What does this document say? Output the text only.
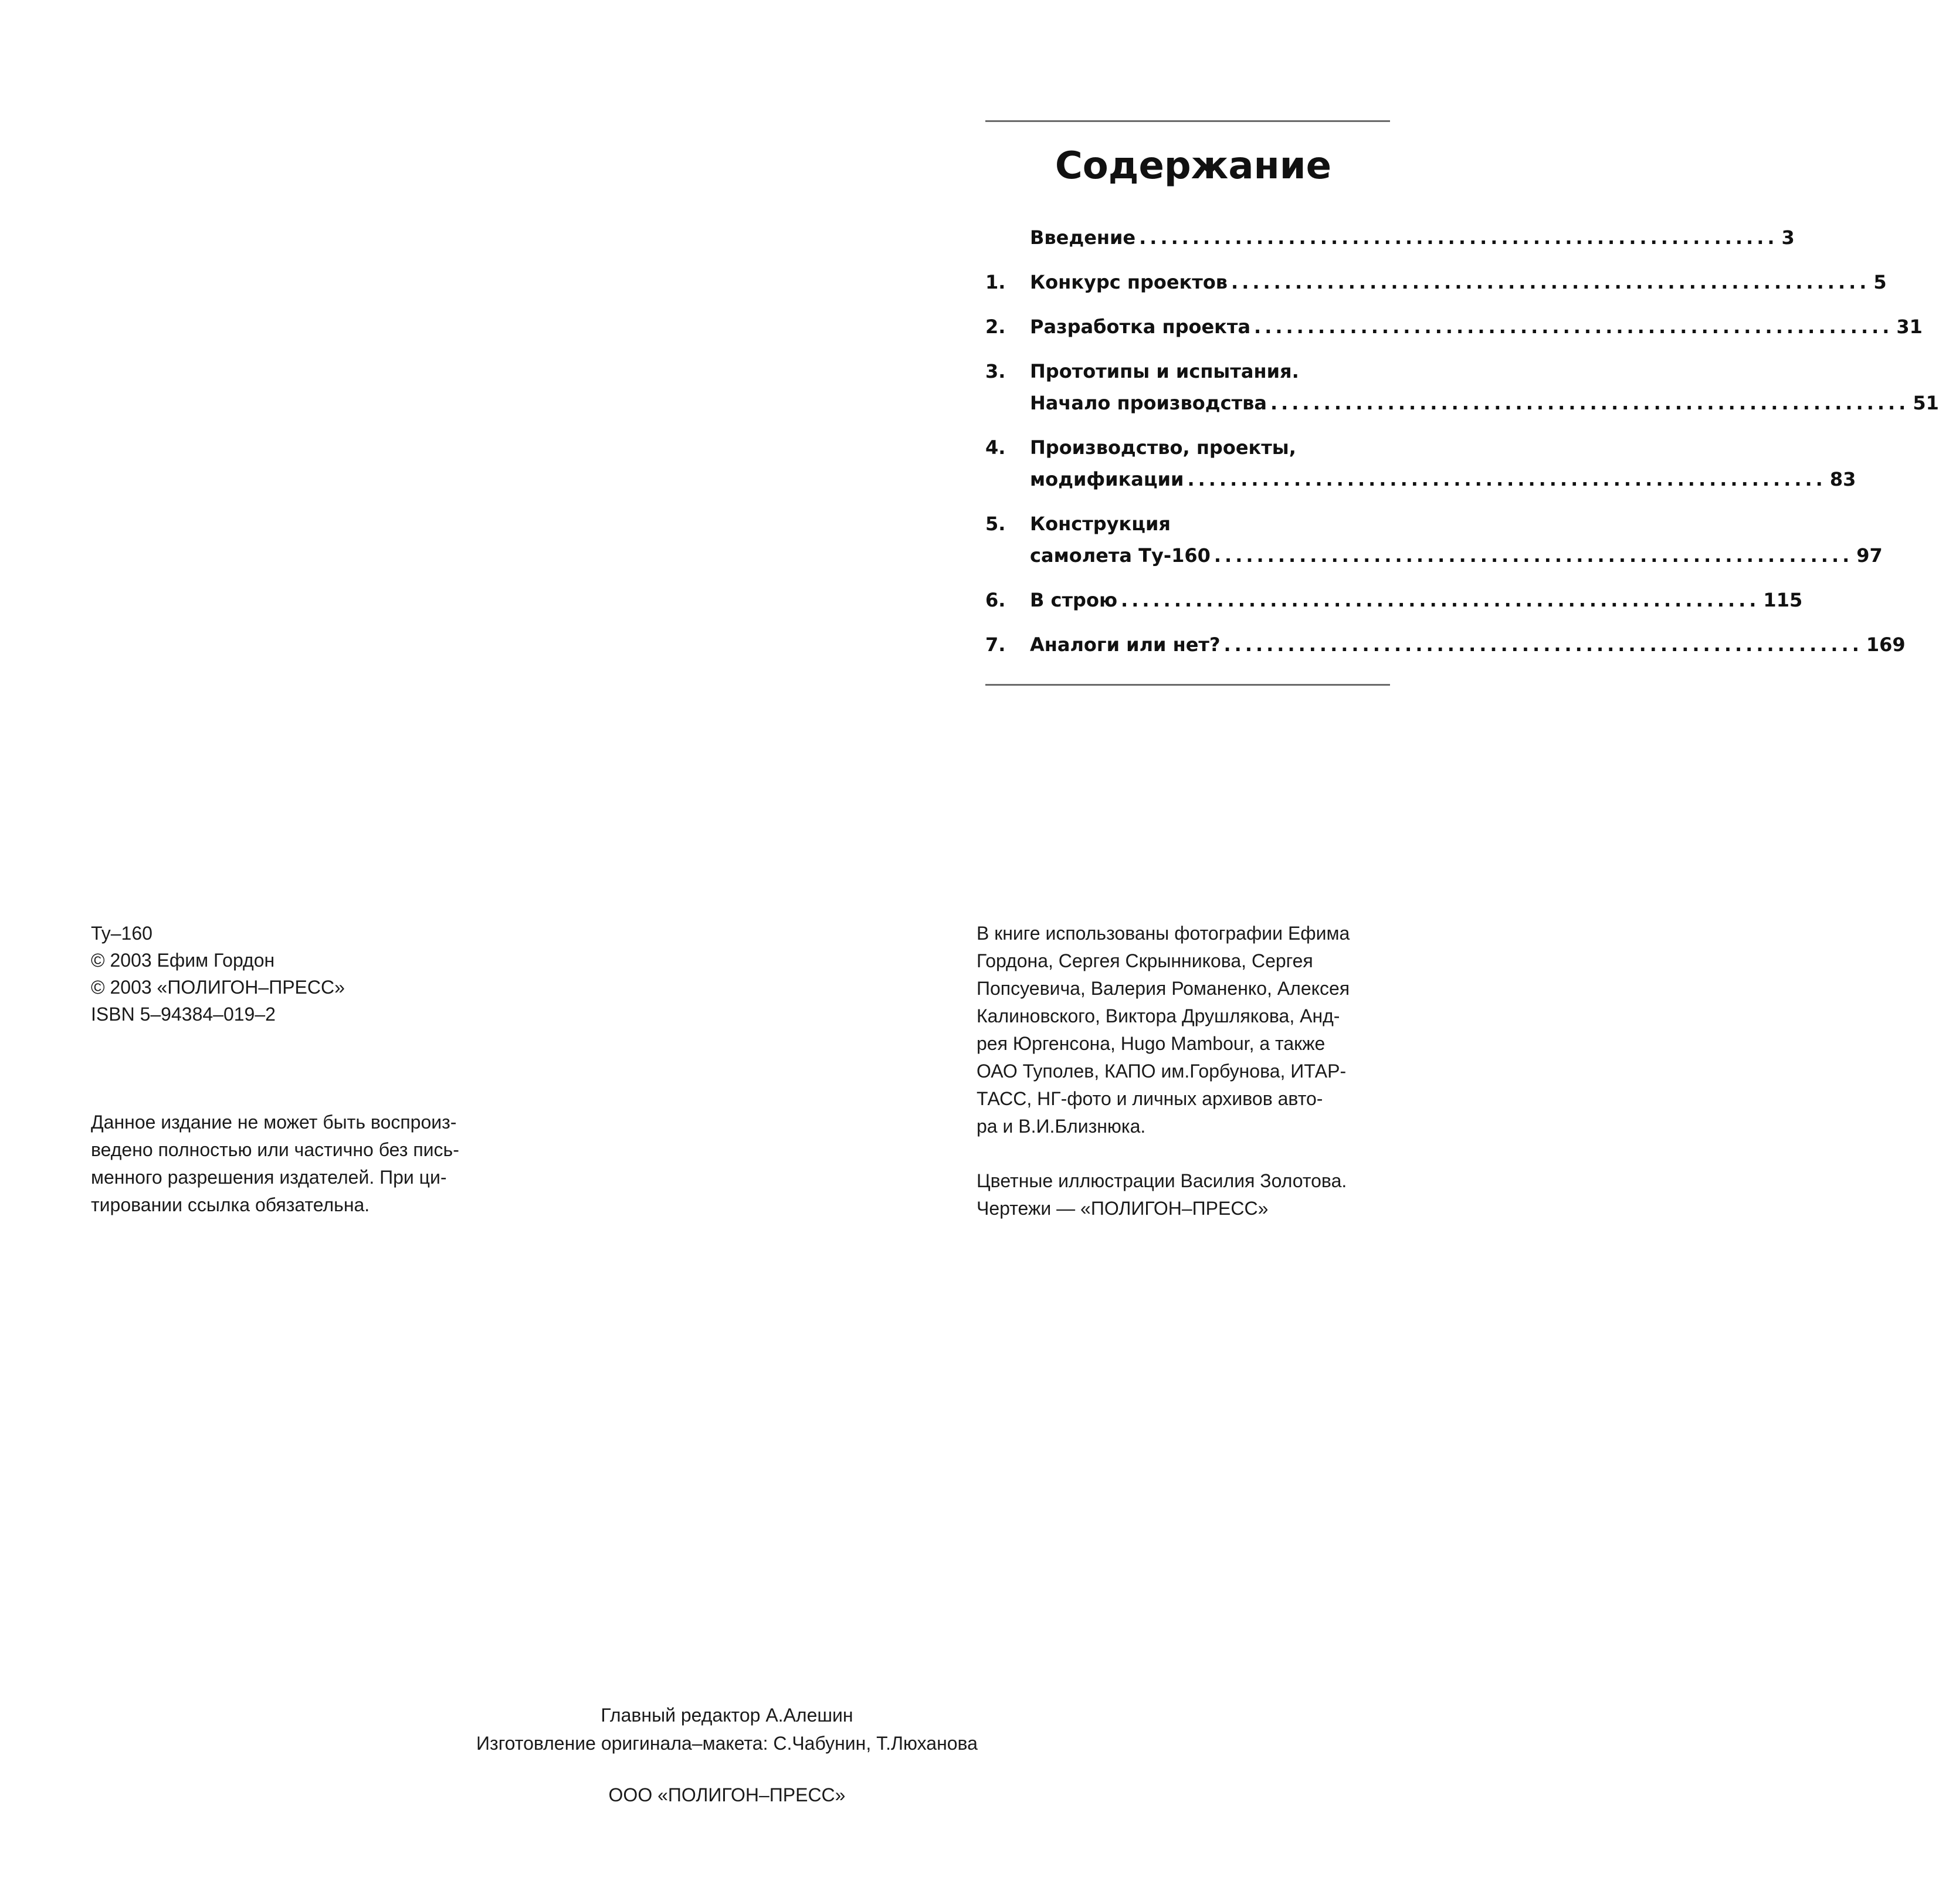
Содержание
Введение ............................................................ 3
1.	Конкурс проектов ............................................................ 5
2.	Разработка проекта ............................................................ 31
3.	Прототипы и испытания.
Начало производства ............................................................ 51
4.	Производство, проекты,
модификации ............................................................ 83
5.	Конструкция
самолета Ту-160 ............................................................ 97
6.	В строю ............................................................ 115
7.	Аналоги или нет? ............................................................ 169

Ту–160

© 2003 Ефим Гордон

© 2003 «ПОЛИГОН–ПРЕСС»

ISBN 5–94384–019–2

Данное издание не может быть воспроиз-
ведено полностью или частично без пись-
менного разрешения издателей. При ци-
тировании ссылка обязательна.
В книге использованы фотографии Ефима
Гордона, Сергея Скрынникова, Сергея
Попсуевича, Валерия Романенко, Алексея
Калиновского, Виктора Друшлякова, Анд-
рея Юргенсона, Hugo Mambour, а также
ОАО Туполев, КАПО им.Горбунова, ИТАР-
ТАСС, НГ-фото и личных архивов авто-
ра и В.И.Близнюка.

Цветные иллюстрации Василия Золотова.

Чертежи — «ПОЛИГОН–ПРЕСС»

Главный редактор А.Алешин

Изготовление оригинала–макета: С.Чабунин, Т.Люханова

ООО «ПОЛИГОН–ПРЕСС»
